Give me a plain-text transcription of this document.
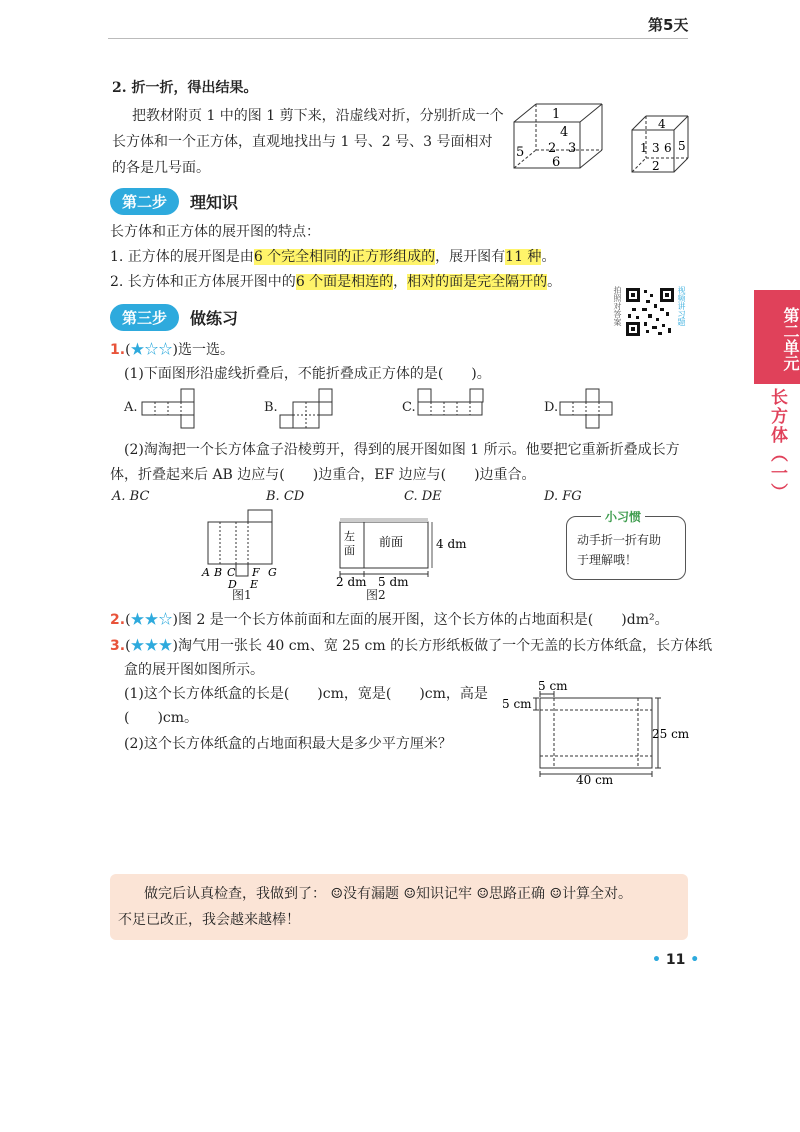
第5天
第二单元
长方体（一）
2. 折一折，得出结果。
把教材附页 1 中的图 1 剪下来，沿虚线对折，分别折成一个
长方体和一个正方体，直观地找出与 1 号、2 号、3 号面相对
的各是几号面。
1
4
2 3
5
6
4
1 3 6 5
2
第二步	理知识
长方体和正方体的展开图的特点：
1. 正方体的展开图是由6 个完全相同的正方形组成的，展开图有11 种。
2. 长方体和正方体展开图中的6 个面是相连的，相对的面是完全隔开的。
拍照对答案	视频讲习题
第三步	做练习
1.(★☆☆)选一选。
(1)下面图形沿虚线折叠后，不能折叠成正方体的是(　　)。
A.	B.	C.	D.
(2)淘淘把一个长方体盒子沿棱剪开，得到的展开图如图 1 所示。他要把它重新折叠成长方
体，折叠起来后 AB 边应与(　　)边重合，EF 边应与(　　)边重合。
A. BC	B. CD	C. DE	D. FG
A B C F G
D E
图1
左
面
前面	4 dm
2 dm 5 dm
图2
小习惯
动手折一折有助
于理解哦！
2.(★★☆)图 2 是一个长方体前面和左面的展开图，这个长方体的占地面积是(　　)dm²。
3.(★★★)淘气用一张长 40 cm、宽 25 cm 的长方形纸板做了一个无盖的长方体纸盒，长方体纸
盒的展开图如图所示。
(1)这个长方体纸盒的长是(　　)cm，宽是(　　)cm，高是
(　　)cm。
(2)这个长方体纸盒的占地面积最大是多少平方厘米？
5 cm
5 cm
25 cm
40 cm
做完后认真检查，我做到了： ☺没有漏题 ☺知识记牢 ☺思路正确 ☺计算全对。
不足已改正，我会越来越棒！
• 11 •
